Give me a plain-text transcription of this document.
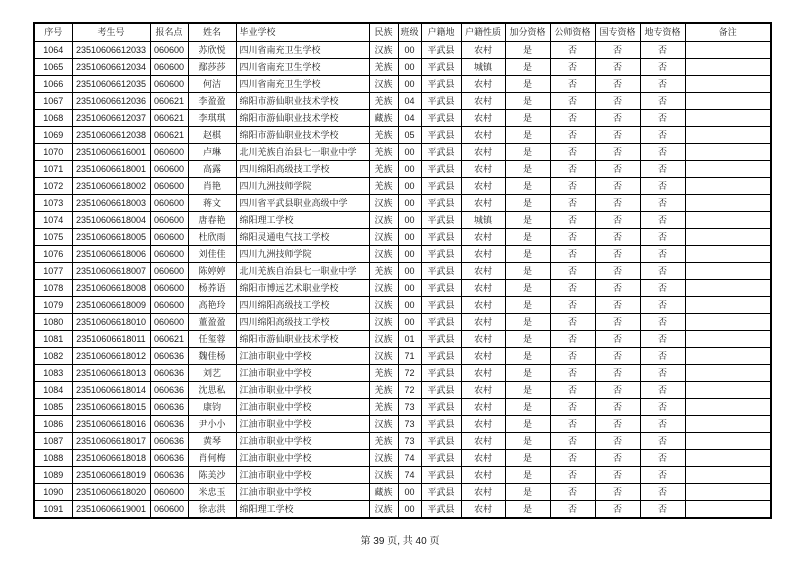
序号	考生号	报名点	姓名	毕业学校	民族	班级	户籍地	户籍性质	加分资格	公师资格	国专资格	地专资格	备注
1064	23510606612033	060600	苏欣悦	四川省南充卫生学校	汉族	00	平武县	农村	是	否	否	否	
1065	23510606612034	060600	鄢莎莎	四川省南充卫生学校	羌族	00	平武县	城镇	是	否	否	否	
1066	23510606612035	060600	何洁	四川省南充卫生学校	汉族	00	平武县	农村	是	否	否	否	
1067	23510606612036	060621	李盈盈	绵阳市游仙职业技术学校	羌族	04	平武县	农村	是	否	否	否	
1068	23510606612037	060621	李琪琪	绵阳市游仙职业技术学校	藏族	04	平武县	农村	是	否	否	否	
1069	23510606612038	060621	赵棋	绵阳市游仙职业技术学校	羌族	05	平武县	农村	是	否	否	否	
1070	23510606616001	060600	卢琳	北川羌族自治县七一职业中学	羌族	00	平武县	农村	是	否	否	否	
1071	23510606618001	060600	高露	四川绵阳高级技工学校	羌族	00	平武县	农村	是	否	否	否	
1072	23510606618002	060600	肖艳	四川九洲技师学院	羌族	00	平武县	农村	是	否	否	否	
1073	23510606618003	060600	蒋文	四川省平武县职业高级中学	汉族	00	平武县	农村	是	否	否	否	
1074	23510606618004	060600	唐春艳	绵阳理工学校	汉族	00	平武县	城镇	是	否	否	否	
1075	23510606618005	060600	杜欣雨	绵阳灵通电气技工学校	汉族	00	平武县	农村	是	否	否	否	
1076	23510606618006	060600	刘佳佳	四川九洲技师学院	汉族	00	平武县	农村	是	否	否	否	
1077	23510606618007	060600	陈婷婷	北川羌族自治县七一职业中学	羌族	00	平武县	农村	是	否	否	否	
1078	23510606618008	060600	杨荞语	绵阳市博远艺术职业学校	汉族	00	平武县	农村	是	否	否	否	
1079	23510606618009	060600	高艳玲	四川绵阳高级技工学校	汉族	00	平武县	农村	是	否	否	否	
1080	23510606618010	060600	董盈盈	四川绵阳高级技工学校	汉族	00	平武县	农村	是	否	否	否	
1081	23510606618011	060621	任玺蓉	绵阳市游仙职业技术学校	汉族	01	平武县	农村	是	否	否	否	
1082	23510606618012	060636	魏佳杨	江油市职业中学校	汉族	71	平武县	农村	是	否	否	否	
1083	23510606618013	060636	刘艺	江油市职业中学校	羌族	72	平武县	农村	是	否	否	否	
1084	23510606618014	060636	沈思私	江油市职业中学校	羌族	72	平武县	农村	是	否	否	否	
1085	23510606618015	060636	康钧	江油市职业中学校	羌族	73	平武县	农村	是	否	否	否	
1086	23510606618016	060636	尹小小	江油市职业中学校	汉族	73	平武县	农村	是	否	否	否	
1087	23510606618017	060636	黄琴	江油市职业中学校	羌族	73	平武县	农村	是	否	否	否	
1088	23510606618018	060636	肖何梅	江油市职业中学校	汉族	74	平武县	农村	是	否	否	否	
1089	23510606618019	060636	陈美沙	江油市职业中学校	汉族	74	平武县	农村	是	否	否	否	
1090	23510606618020	060600	米忠玉	江油市职业中学校	藏族	00	平武县	农村	是	否	否	否	
1091	23510606619001	060600	徐志洪	绵阳理工学校	汉族	00	平武县	农村	是	否	否	否	
第 39 页, 共 40 页
